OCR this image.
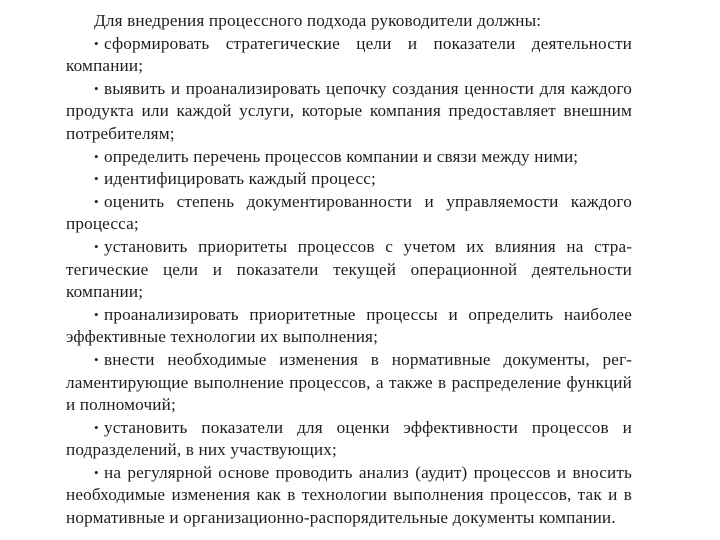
Для внедрения процессного подхода руководители должны:

• сформировать стратегические цели и показатели деятельности компании;

• выявить и проанализировать цепочку создания ценности для каждого продукта или каждой услуги, которые компания предоставляет внешним потребителям;

• определить перечень процессов компании и связи между ними;

• идентифицировать каждый процесс;

• оценить степень документированности и управляемости каждого процесса;

• установить приоритеты процессов с учетом их влияния на стратегические цели и показатели текущей операционной деятельности компании;

• проанализировать приоритетные процессы и определить наиболее эффективные технологии их выполнения;

• внести необходимые изменения в нормативные документы, регламентирующие выполнение процессов, а также в распределение функций и полномочий;

• установить показатели для оценки эффективности процессов и подразделений, в них участвующих;

• на регулярной основе проводить анализ (аудит) процессов и вносить необходимые изменения как в технологии выполнения процессов, так и в нормативные и организационно-распорядительные документы компании.
